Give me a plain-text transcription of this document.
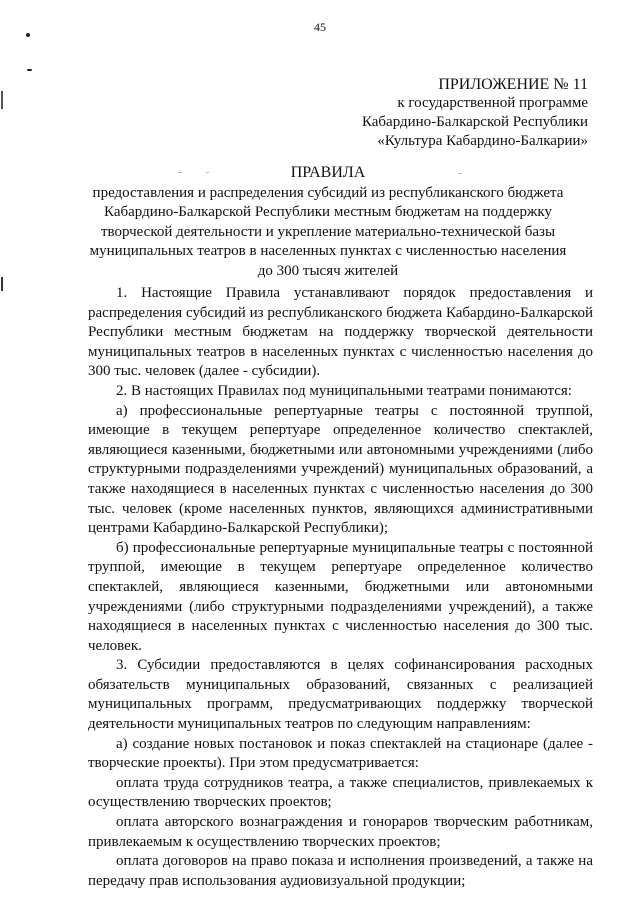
45
ПРИЛОЖЕНИЕ № 11
к государственной программе
Кабардино-Балкарской Республики
«Культура Кабардино-Балкарии»
ПРАВИЛА
предоставления и распределения субсидий из республиканского бюджета Кабардино-Балкарской Республики местным бюджетам на поддержку творческой деятельности и укрепление материально-технической базы муниципальных театров в населенных пунктах с численностью населения до 300 тысяч жителей

1. Настоящие Правила устанавливают порядок предоставления и распределения субсидий из республиканского бюджета Кабардино-Балкарской Республики местным бюджетам на поддержку творческой деятельности муниципальных театров в населенных пунктах с численностью населения до 300 тыс. человек (далее - субсидии).

2. В настоящих Правилах под муниципальными театрами понимаются:

а) профессиональные репертуарные театры с постоянной труппой, имеющие в текущем репертуаре определенное количество спектаклей, являющиеся казенными, бюджетными или автономными учреждениями (либо структурными подразделениями учреждений) муниципальных образований, а также находящиеся в населенных пунктах с численностью населения до 300 тыс. человек (кроме населенных пунктов, являющихся административными центрами Кабардино-Балкарской Республики);

б) профессиональные репертуарные муниципальные театры с постоянной труппой, имеющие в текущем репертуаре определенное количество спектаклей, являющиеся казенными, бюджетными или автономными учреждениями (либо структурными подразделениями учреждений), а также находящиеся в населенных пунктах с численностью населения до 300 тыс. человек.

3. Субсидии предоставляются в целях софинансирования расходных обязательств муниципальных образований, связанных с реализацией муниципальных программ, предусматривающих поддержку творческой деятельности муниципальных театров по следующим направлениям:

а) создание новых постановок и показ спектаклей на стационаре (далее - творческие проекты). При этом предусматривается:

оплата труда сотрудников театра, а также специалистов, привлекаемых к осуществлению творческих проектов;

оплата авторского вознаграждения и гонораров творческим работникам, привлекаемым к осуществлению творческих проектов;

оплата договоров на право показа и исполнения произведений, а также на передачу прав использования аудиовизуальной продукции;
